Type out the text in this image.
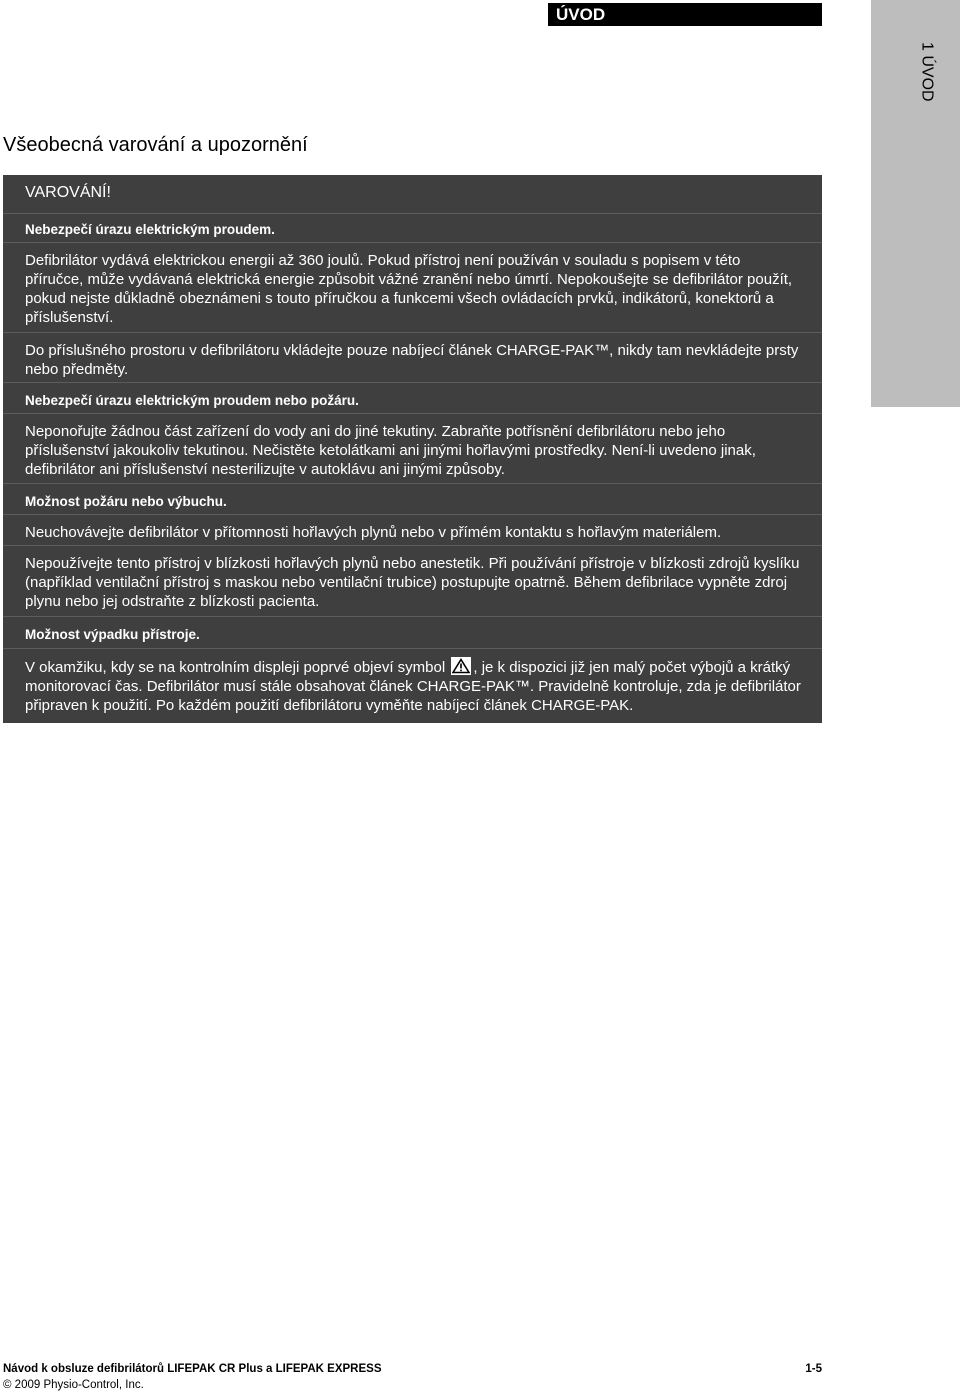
ÚVOD
1 ÚVOD
Všeobecná varování a upozornění
VAROVÁNÍ!
Nebezpečí úrazu elektrickým proudem.
Defibrilátor vydává elektrickou energii až 360 joulů. Pokud přístroj není používán v souladu s popisem v této příručce, může vydávaná elektrická energie způsobit vážné zranění nebo úmrtí. Nepokoušejte se defibrilátor použít, pokud nejste důkladně obeznámeni s touto příručkou a funkcemi všech ovládacích prvků, indikátorů, konektorů a příslušenství.
Do příslušného prostoru v defibrilátoru vkládejte pouze nabíjecí článek CHARGE-PAK™, nikdy tam nevkládejte prsty nebo předměty.
Nebezpečí úrazu elektrickým proudem nebo požáru.
Neponořujte žádnou část zařízení do vody ani do jiné tekutiny. Zabraňte potřísnění defibrilátoru nebo jeho příslušenství jakoukoliv tekutinou. Nečistěte ketolátkami ani jinými hořlavými prostředky. Není-li uvedeno jinak, defibrilátor ani příslušenství nesterilizujte v autoklávu ani jinými způsoby.
Možnost požáru nebo výbuchu.
Neuchovávejte defibrilátor v přítomnosti hořlavých plynů nebo v přímém kontaktu s hořlavým materiálem.
Nepoužívejte tento přístroj v blízkosti hořlavých plynů nebo anestetik. Při používání přístroje v blízkosti zdrojů kyslíku (například ventilační přístroj s maskou nebo ventilační trubice) postupujte opatrně. Během defibrilace vypněte zdroj plynu nebo jej odstraňte z blízkosti pacienta.
Možnost výpadku přístroje.
V okamžiku, kdy se na kontrolním displeji poprvé objeví symbol , je k dispozici již jen malý počet výbojů a krátký monitorovací čas. Defibrilátor musí stále obsahovat článek CHARGE-PAK™. Pravidelně kontroluje, zda je defibrilátor připraven k použití. Po každém použití defibrilátoru vyměňte nabíjecí článek CHARGE-PAK.
Návod k obsluze defibrilátorů LIFEPAK CR Plus a LIFEPAK EXPRESS	1-5
© 2009 Physio-Control, Inc.
